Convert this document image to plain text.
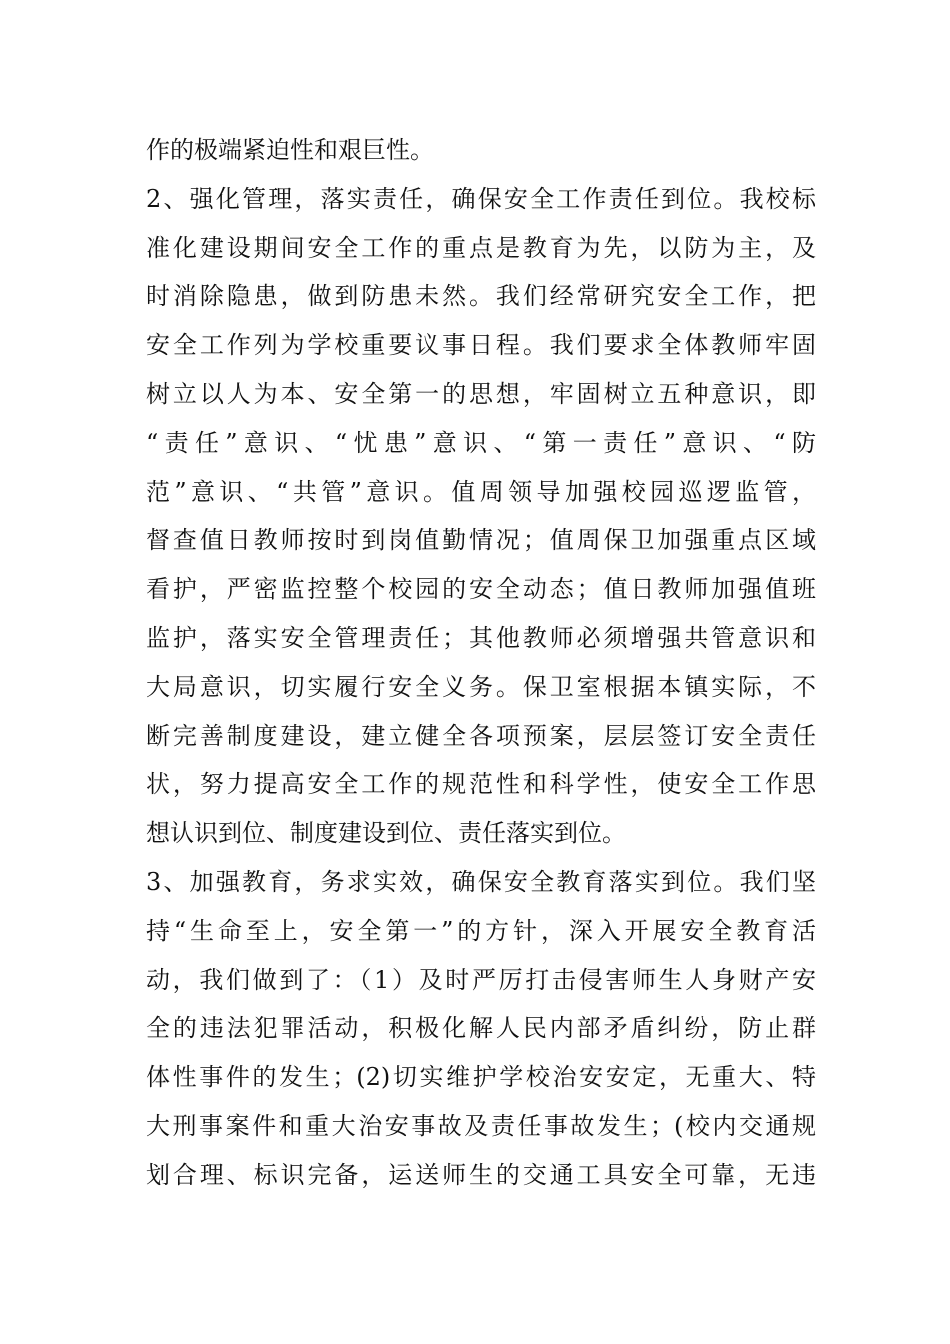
作的极端紧迫性和艰巨性。
2、强化管理，落实责任，确保安全工作责任到位。我校标
准化建设期间安全工作的重点是教育为先，以防为主，及
时消除隐患，做到防患未然。我们经常研究安全工作，把
安全工作列为学校重要议事日程。我们要求全体教师牢固
树立以人为本、安全第一的思想，牢固树立五种意识，即
“责任”意识、“忧患”意识、“第一责任”意识、“防
范”意识、“共管”意识。值周领导加强校园巡逻监管，
督查值日教师按时到岗值勤情况；值周保卫加强重点区域
看护，严密监控整个校园的安全动态；值日教师加强值班
监护，落实安全管理责任；其他教师必须增强共管意识和
大局意识，切实履行安全义务。保卫室根据本镇实际，不
断完善制度建设，建立健全各项预案，层层签订安全责任
状，努力提高安全工作的规范性和科学性，使安全工作思
想认识到位、制度建设到位、责任落实到位。
3、加强教育，务求实效，确保安全教育落实到位。我们坚
持“生命至上，安全第一”的方针，深入开展安全教育活
动，我们做到了：（1）及时严厉打击侵害师生人身财产安
全的违法犯罪活动，积极化解人民内部矛盾纠纷，防止群
体性事件的发生；(2)切实维护学校治安安定，无重大、特
大刑事案件和重大治安事故及责任事故发生；(校内交通规
划合理、标识完备，运送师生的交通工具安全可靠，无违
